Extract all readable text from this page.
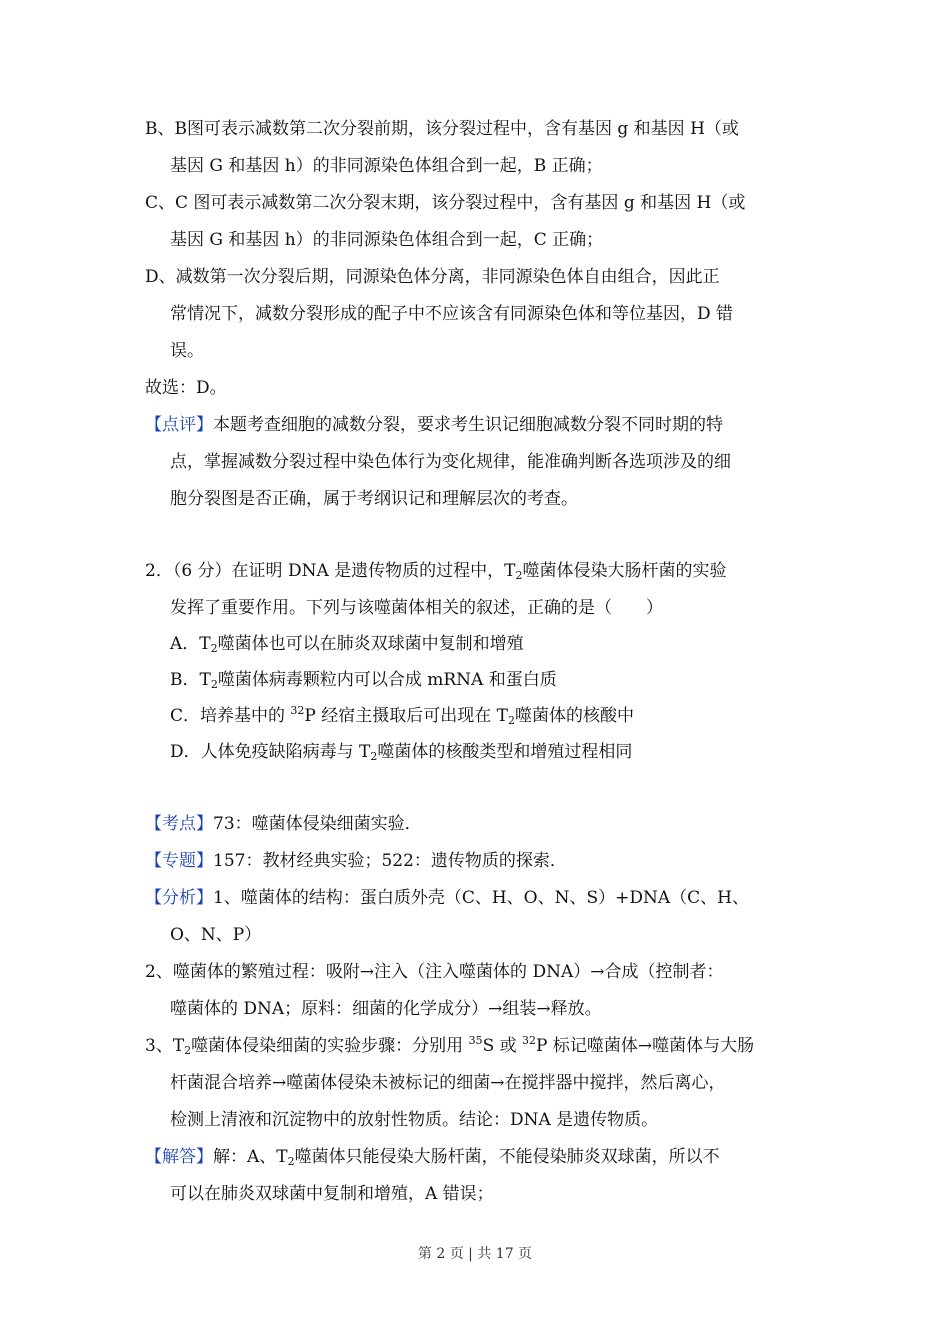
B、B图可表示减数第二次分裂前期，该分裂过程中，含有基因 g 和基因 H（或
基因 G 和基因 h）的非同源染色体组合到一起，B 正确；
C、C 图可表示减数第二次分裂末期，该分裂过程中，含有基因 g 和基因 H（或
基因 G 和基因 h）的非同源染色体组合到一起，C 正确；
D、减数第一次分裂后期，同源染色体分离，非同源染色体自由组合，因此正
常情况下，减数分裂形成的配子中不应该含有同源染色体和等位基因，D 错
误。
故选：D。
【点评】本题考查细胞的减数分裂，要求考生识记细胞减数分裂不同时期的特
点，掌握减数分裂过程中染色体行为变化规律，能准确判断各选项涉及的细
胞分裂图是否正确，属于考纲识记和理解层次的考查。
2．（6 分）在证明 DNA 是遗传物质的过程中，$T_2$噬菌体侵染大肠杆菌的实验
发挥了重要作用。下列与该噬菌体相关的叙述，正确的是（　　）
A．$T_2$噬菌体也可以在肺炎双球菌中复制和增殖
B．$T_2$噬菌体病毒颗粒内可以合成 mRNA 和蛋白质
C．培养基中的 $^{32}$P 经宿主摄取后可出现在 $T_2$噬菌体的核酸中
D．人体免疫缺陷病毒与 $T_2$噬菌体的核酸类型和增殖过程相同
【考点】73：噬菌体侵染细菌实验．
【专题】157：教材经典实验；522：遗传物质的探索．
【分析】1、噬菌体的结构：蛋白质外壳（C、H、O、N、S）+DNA（C、H、
O、N、P）
2、噬菌体的繁殖过程：吸附→注入（注入噬菌体的 DNA）→合成（控制者：
噬菌体的 DNA；原料：细菌的化学成分）→组装→释放。
3、$T_2$噬菌体侵染细菌的实验步骤：分别用 $^{35}$S 或 $^{32}$P 标记噬菌体→噬菌体与大肠
杆菌混合培养→噬菌体侵染未被标记的细菌→在搅拌器中搅拌，然后离心，
检测上清液和沉淀物中的放射性物质。结论：DNA 是遗传物质。
【解答】解：A、$T_2$噬菌体只能侵染大肠杆菌，不能侵染肺炎双球菌，所以不
可以在肺炎双球菌中复制和增殖，A 错误；
第 2 页 | 共 17 页
